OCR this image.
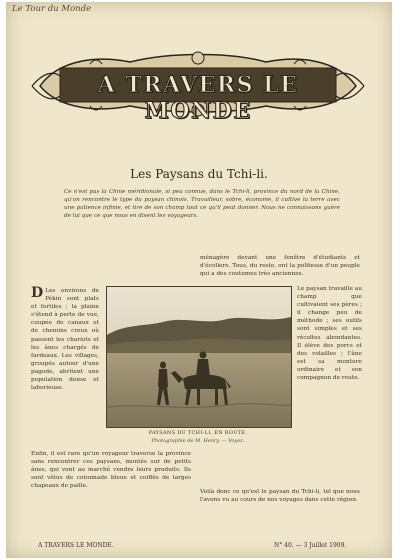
Le Tour du Monde
A TRAVERS LE MONDE
Les Paysans du Tchi-li.
Ce n'est pas la Chine méridionale, si peu connue, dans le Tchi-li, province du nord de la Chine, qu'on rencontre le type du paysan chinois. Travailleur, sobre, économe, il cultive la terre avec une patience infinie, et tire de son champ tout ce qu'il peut donner. Nous ne connaissons guère de lui que ce que nous en disent les voyageurs.
D Les environs de Pékin sont plats et fertiles ; la plaine s'étend à perte de vue, coupée de canaux et de chemins creux où passent les chariots et les ânes chargés de fardeaux. Les villages, groupés autour d'une pagode, abritent une population dense et laborieuse.
ménagère devant une fenêtre d'étudiants et d'écoliers. Tous, du reste, ont la politesse d'un peuple qui a des coutumes très anciennes.
Le paysan travaille au champ que cultivaient ses pères ; il change peu de méthode ; ses outils sont simples et ses récoltes abondantes. Il élève des porcs et des volailles ; l'âne est sa monture ordinaire et son compagnon de route.
PAYSANS DU TCHI-LI, EN ROUTE.
Photographie de M. Henry. — Voyez.
Enfin, il est rare qu'un voyageur traverse la province sans rencontrer ces paysans, montés sur de petits ânes, qui vont au marché vendre leurs produits. Ils sont vêtus de cotonnade bleue et coiffés de larges chapeaux de paille.
Voilà donc ce qu'est le paysan du Tchi-li, tel que nous l'avons vu au cours de nos voyages dans cette région.
A TRAVERS LE MONDE.	N° 40. — 3 Juillet 1909.
